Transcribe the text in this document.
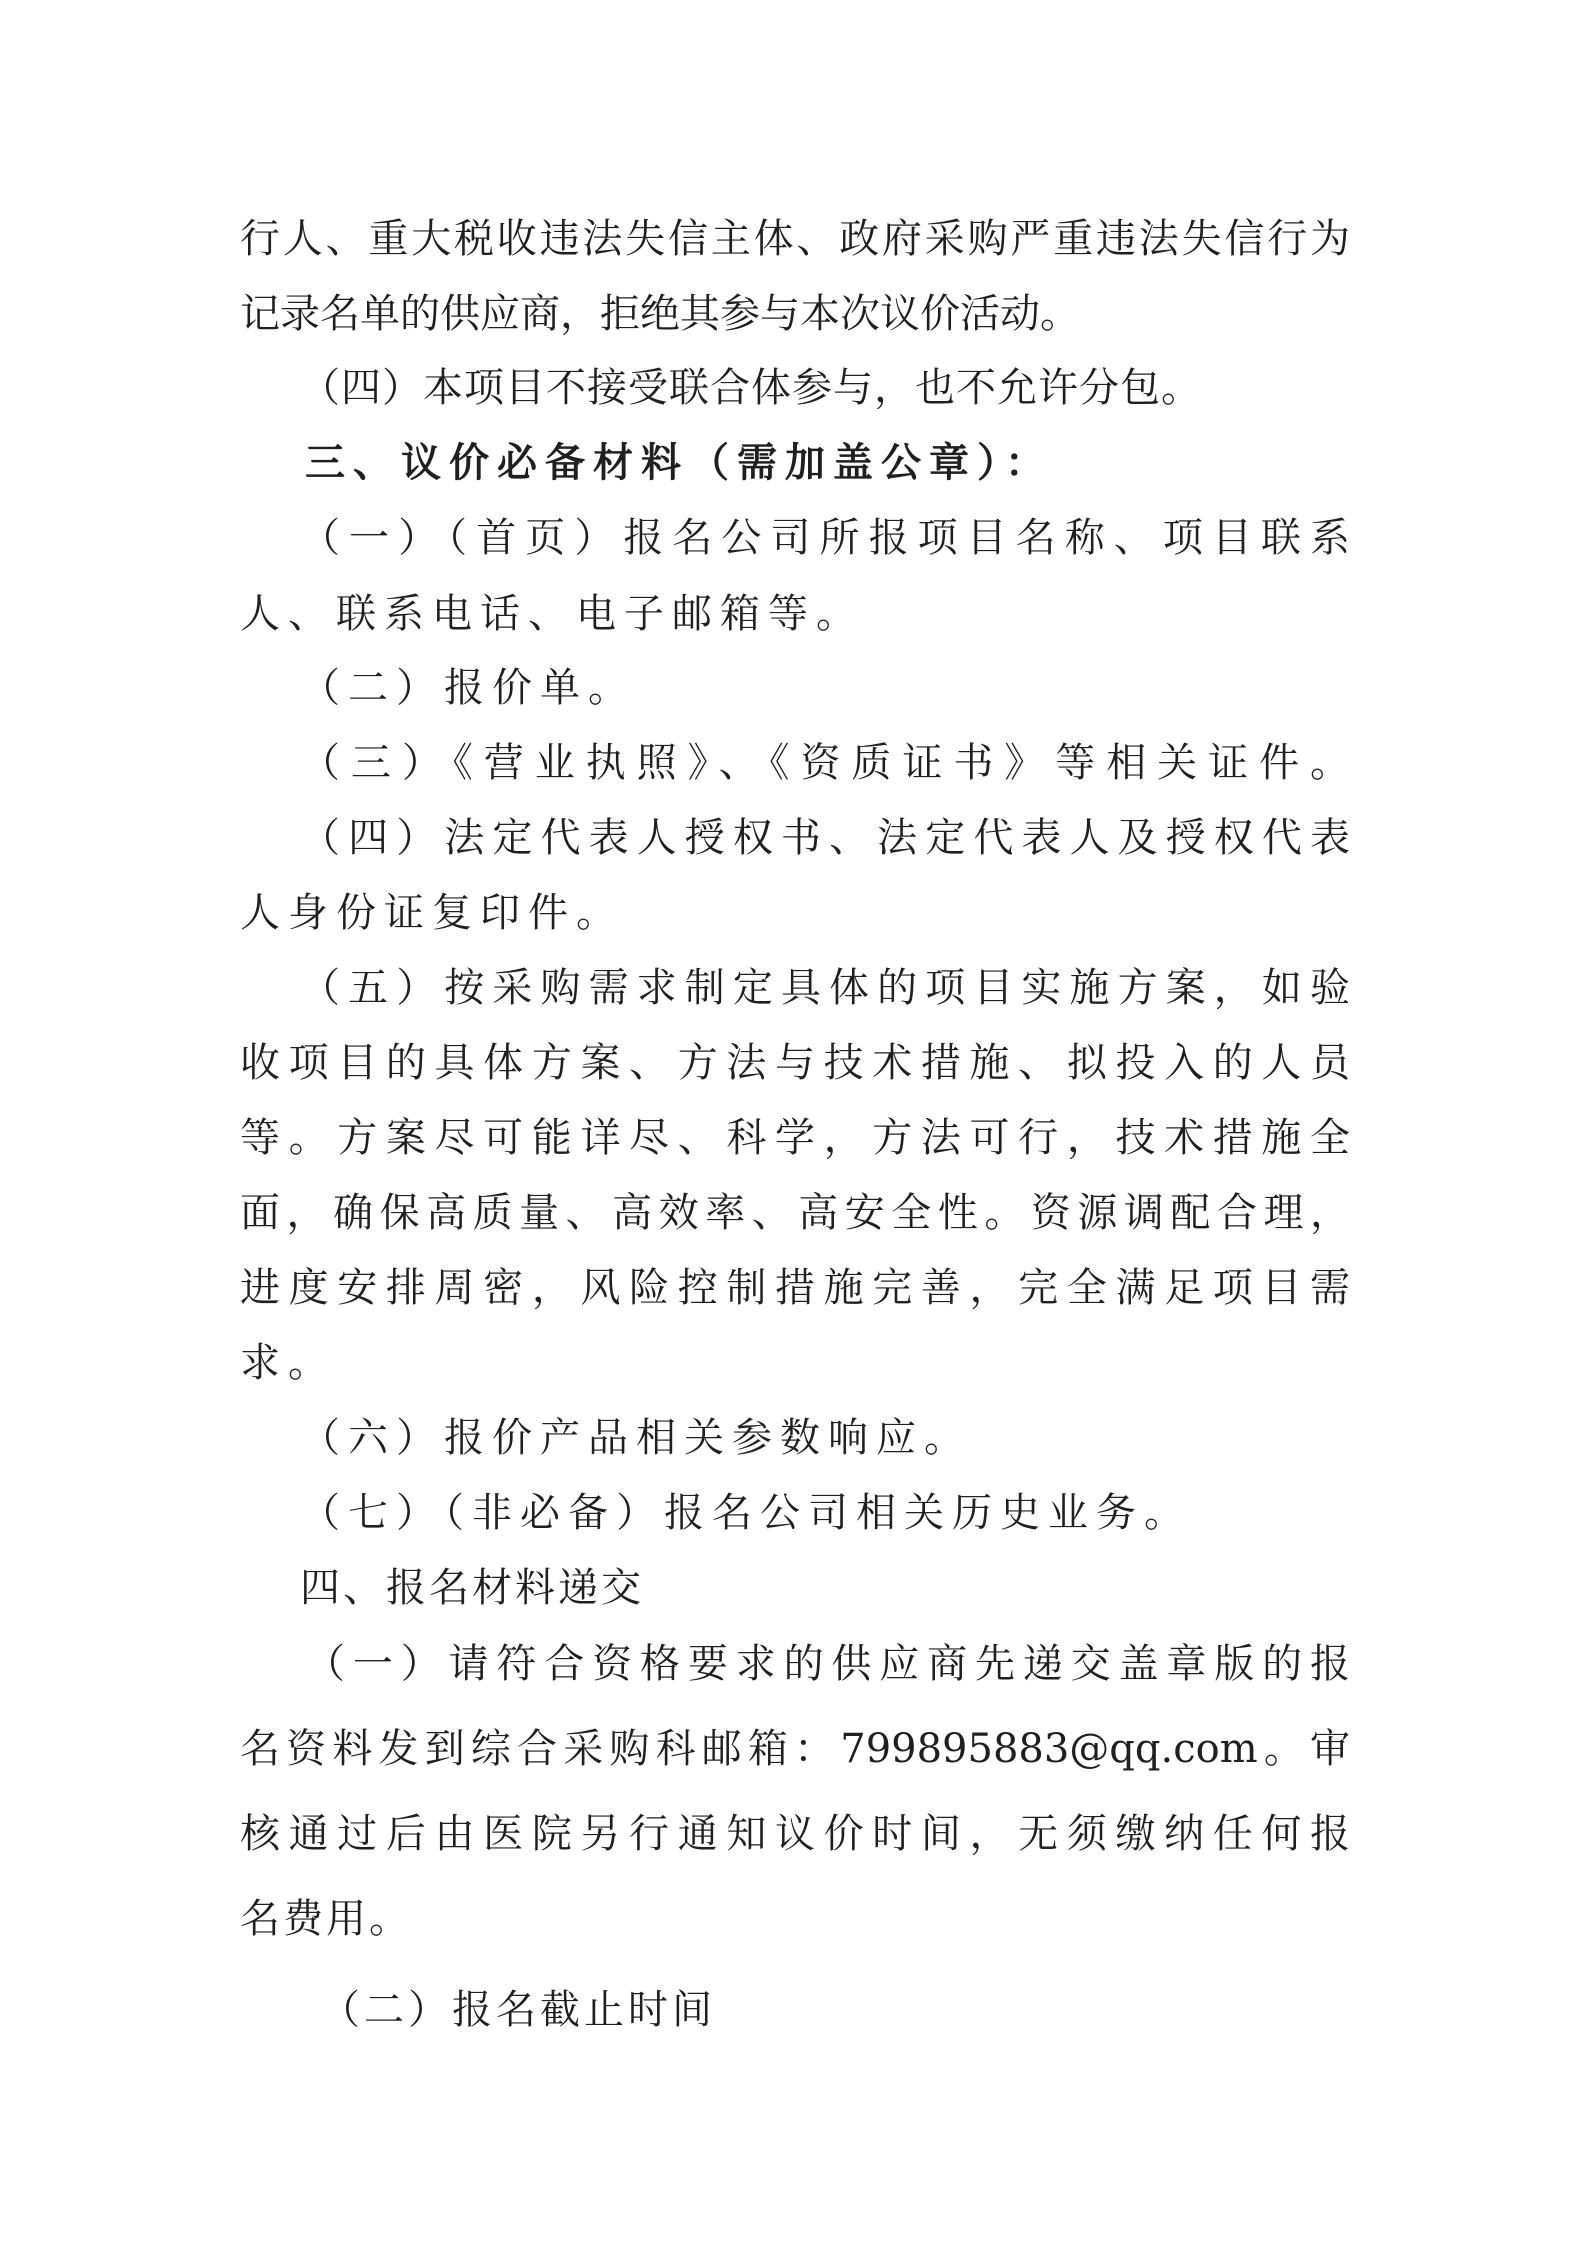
行人、重大税收违法失信主体、政府采购严重违法失信行为
记录名单的供应商，拒绝其参与本次议价活动。
（四）本项目不接受联合体参与，也不允许分包。
三、议价必备材料（需加盖公章）：
（一）（首页）报名公司所报项目名称、项目联系
人、联系电话、电子邮箱等。
（二）报价单。
（三）《营业执照》、《资质证书》等相关证件。
（四）法定代表人授权书、法定代表人及授权代表
人身份证复印件。
（五）按采购需求制定具体的项目实施方案，如验
收项目的具体方案、方法与技术措施、拟投入的人员
等。方案尽可能详尽、科学，方法可行，技术措施全
面，确保高质量、高效率、高安全性。资源调配合理，
进度安排周密，风险控制措施完善，完全满足项目需
求。
（六）报价产品相关参数响应。
（七）（非必备）报名公司相关历史业务。
四、报名材料递交
（一）请符合资格要求的供应商先递交盖章版的报
名资料发到综合采购科邮箱：799895883@qq.com。审
核通过后由医院另行通知议价时间，无须缴纳任何报
名费用。
（二）报名截止时间
